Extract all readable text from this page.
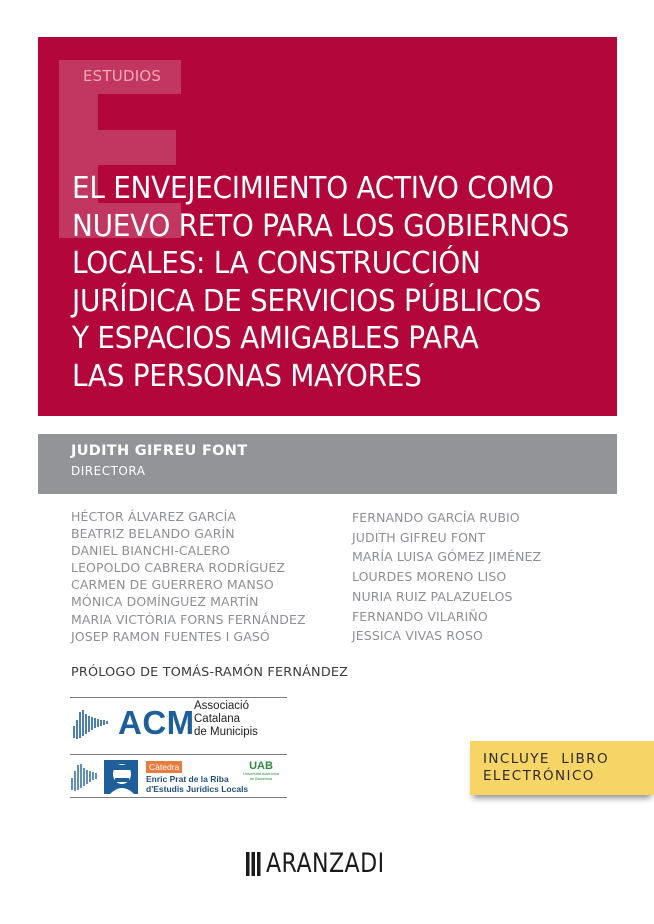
ESTUDIOS
EL ENVEJECIMIENTO ACTIVO COMO
NUEVO RETO PARA LOS GOBIERNOS
LOCALES: LA CONSTRUCCIÓN
JURÍDICA DE SERVICIOS PÚBLICOS
Y ESPACIOS AMIGABLES PARA
LAS PERSONAS MAYORES
JUDITH GIFREU FONT
DIRECTORA
HÉCTOR ÁLVAREZ GARCÍA
BEATRIZ BELANDO GARÍN
DANIEL BIANCHI-CALERO
LEOPOLDO CABRERA RODRÍGUEZ
CARMEN DE GUERRERO MANSO
MÓNICA DOMÍNGUEZ MARTÍN
MARIA VICTÒRIA FORNS FERNÁNDEZ
JOSEP RAMON FUENTES I GASÓ
FERNANDO GARCÍA RUBIO
JUDITH GIFREU FONT
MARÍA LUISA GÓMEZ JIMÉNEZ
LOURDES MORENO LISO
NURIA RUIZ PALAZUELOS
FERNANDO VILARIÑO
JESSICA VIVAS ROSO
PRÓLOGO DE TOMÁS-RAMÓN FERNÁNDEZ
ACM Associació
Catalana
de Municipis
Càtedra
Enric Prat de la Riba
d'Estudis Jurídics Locals
UAB
Universitat Autònoma
de Barcelona
INCLUYE  LIBRO
ELECTRÓNICO
ARANZADI
